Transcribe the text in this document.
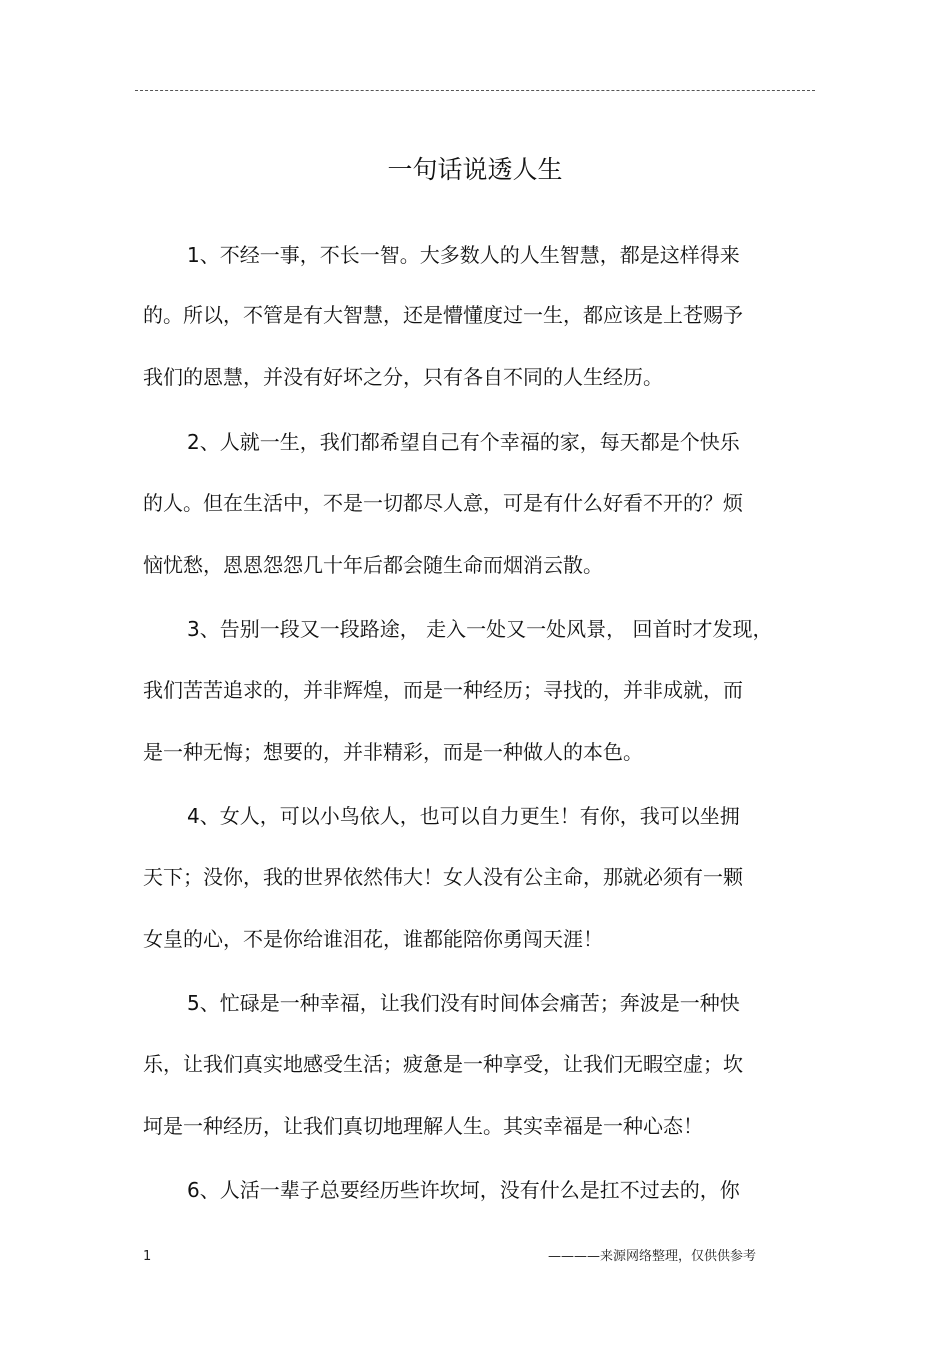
一句话说透人生
1、不经一事，不长一智。大多数人的人生智慧，都是这样得来
的。所以，不管是有大智慧，还是懵懂度过一生，都应该是上苍赐予
我们的恩慧，并没有好坏之分，只有各自不同的人生经历。
2、人就一生，我们都希望自己有个幸福的家，每天都是个快乐
的人。但在生活中，不是一切都尽人意，可是有什么好看不开的？烦
恼忧愁，恩恩怨怨几十年后都会随生命而烟消云散。
3、告别一段又一段路途， 走入一处又一处风景， 回首时才发现，
我们苦苦追求的，并非辉煌，而是一种经历；寻找的，并非成就，而
是一种无悔；想要的，并非精彩，而是一种做人的本色。
4、女人，可以小鸟依人，也可以自力更生！有你，我可以坐拥
天下；没你，我的世界依然伟大！女人没有公主命，那就必须有一颗
女皇的心，不是你给谁泪花，谁都能陪你勇闯天涯！
5、忙碌是一种幸福，让我们没有时间体会痛苦；奔波是一种快
乐，让我们真实地感受生活；疲惫是一种享受，让我们无暇空虚；坎
坷是一种经历，让我们真切地理解人生。其实幸福是一种心态！
6、人活一辈子总要经历些许坎坷，没有什么是扛不过去的，你
1	————来源网络整理，仅供供参考
